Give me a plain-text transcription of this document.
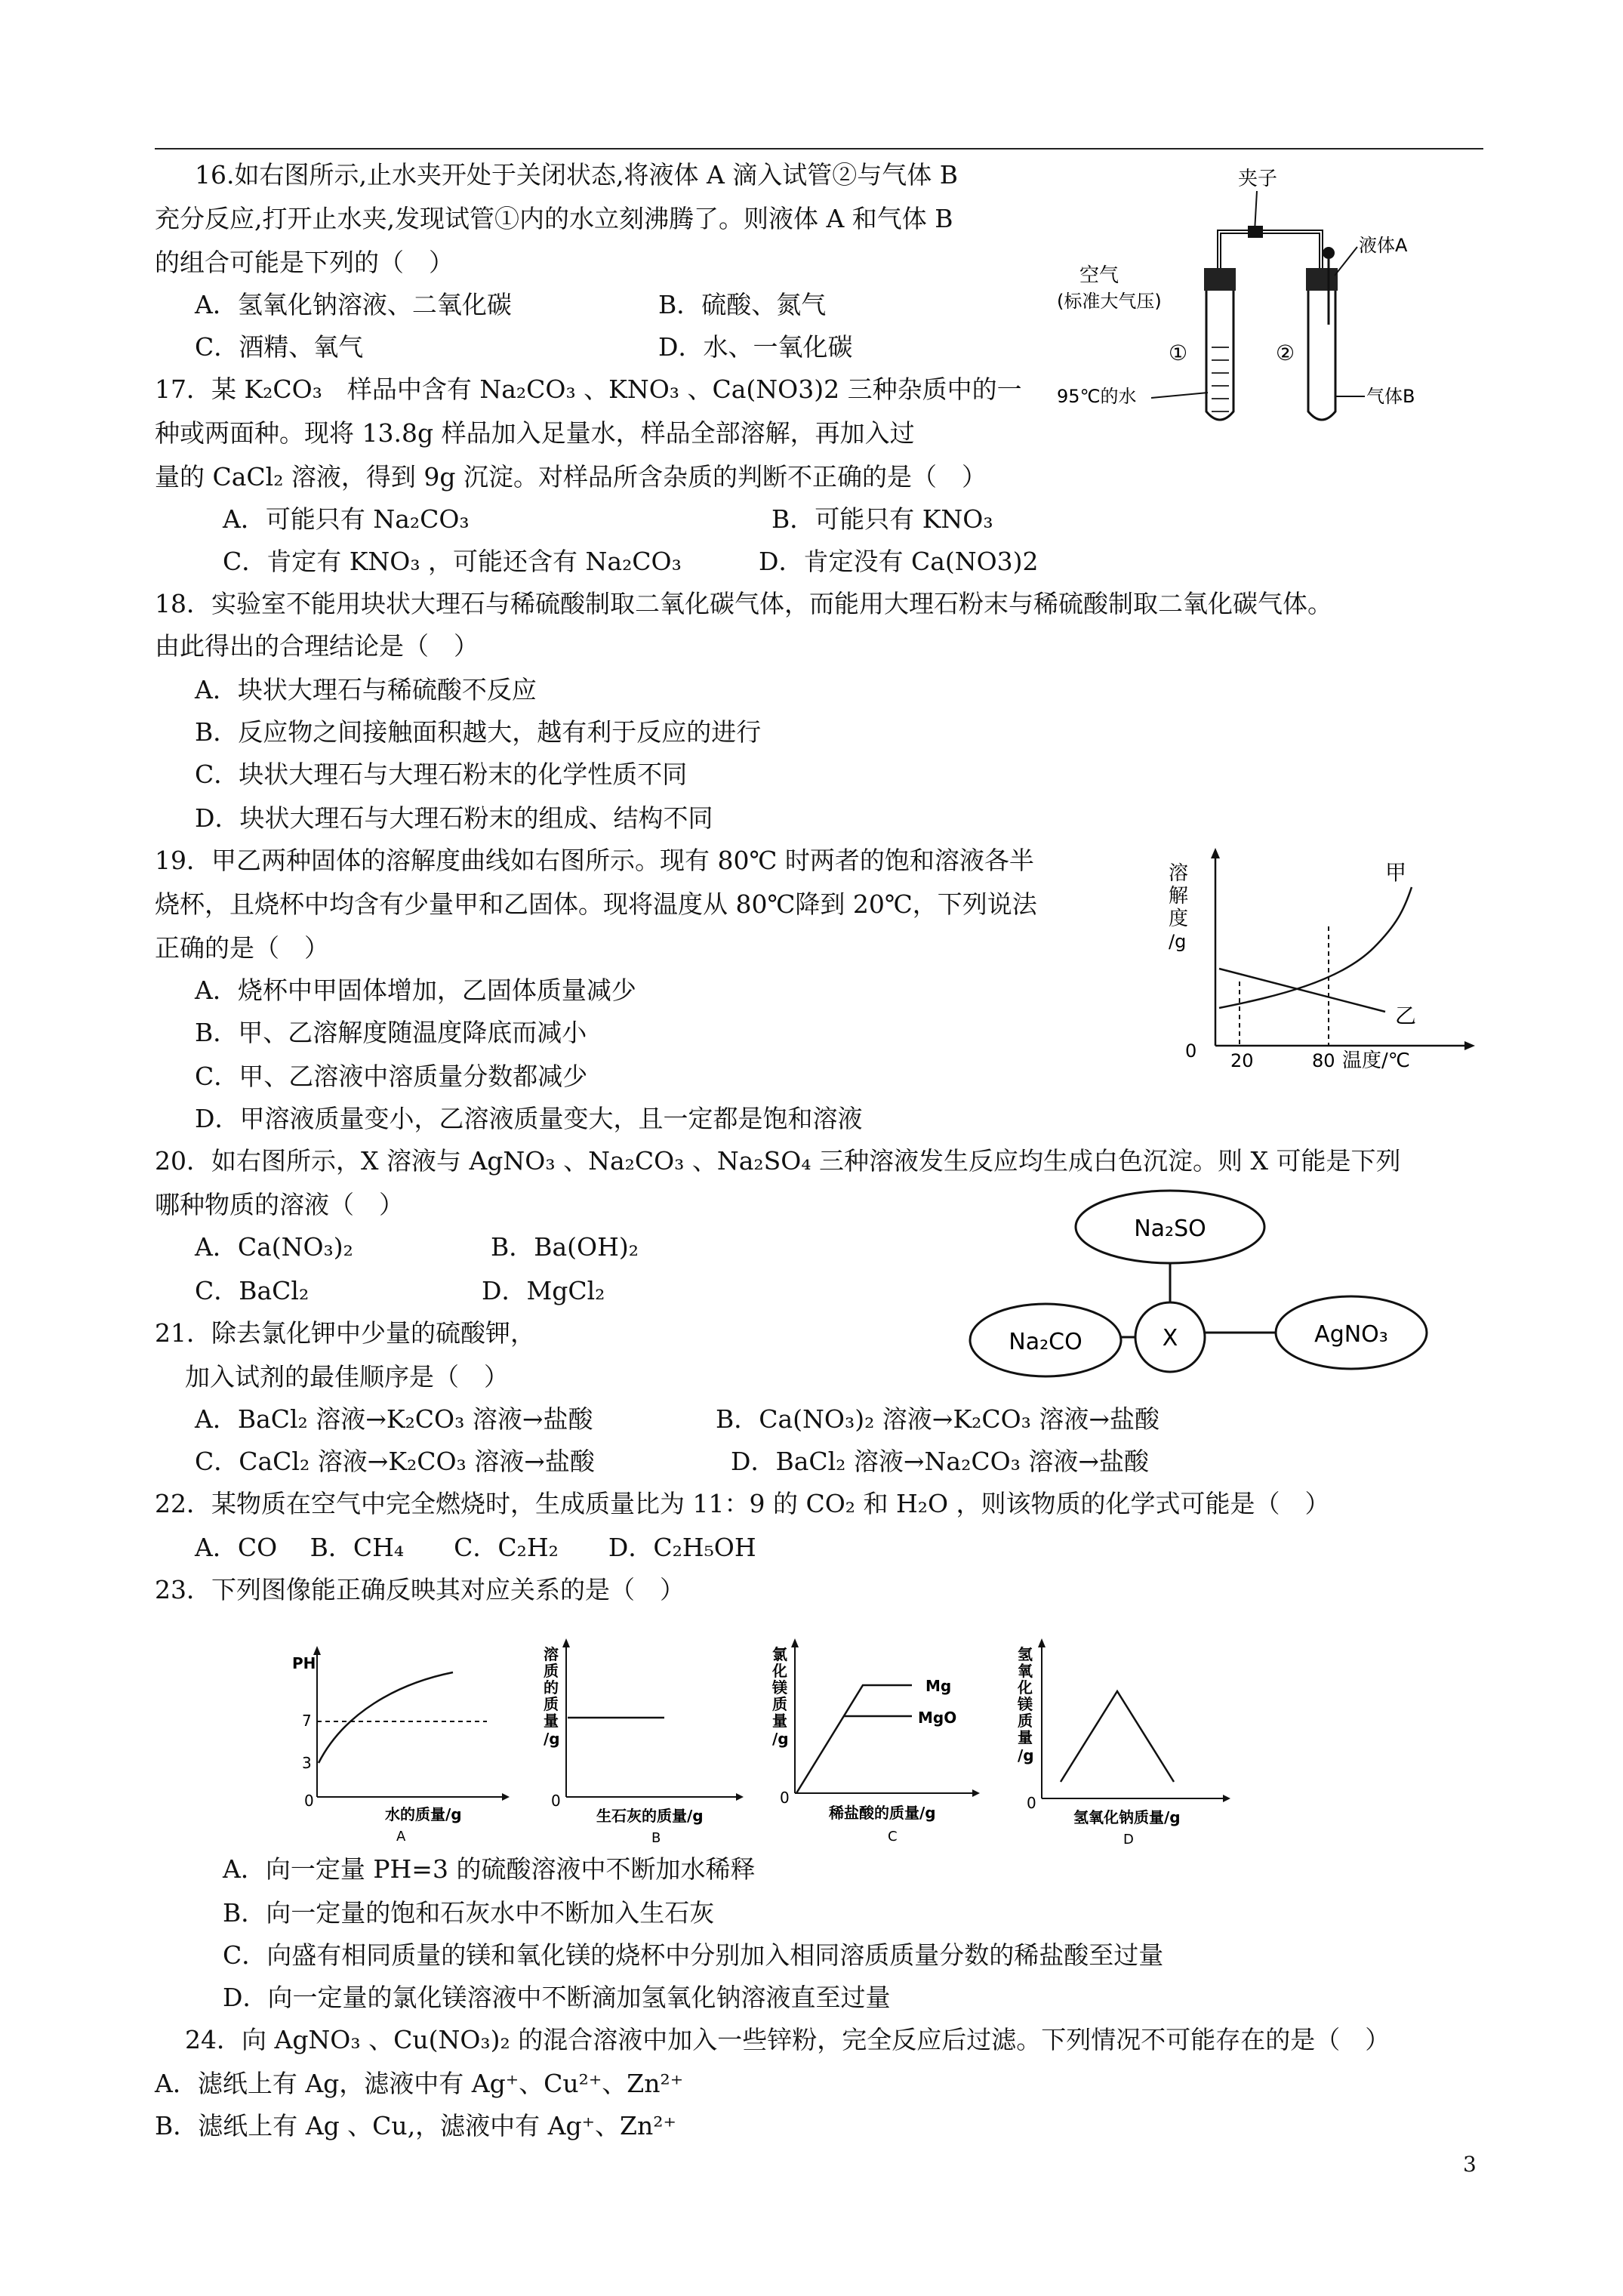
16.如右图所示,止水夹开处于关闭状态,将液体 A 滴入试管②与气体 B
充分反应,打开止水夹,发现试管①内的水立刻沸腾了。则液体 A 和气体 B
的组合可能是下列的（　）
A．氢氧化钠溶液、二氧化碳	B．硫酸、氮气
C．酒精、氧气	D．水、一氧化碳
夹子
空气
(标准大气压)
①
95℃的水
②
液体A
气体B
17．某 K₂CO₃　样品中含有 Na₂CO₃ 、KNO₃ 、Ca(NO3)2 三种杂质中的一
种或两面种。现将 13.8g 样品加入足量水，样品全部溶解，再加入过
量的 CaCl₂ 溶液，得到 9g 沉淀。对样品所含杂质的判断不正确的是（　）
A．可能只有 Na₂CO₃	B．可能只有 KNO₃
C．肯定有 KNO₃ ，可能还含有 Na₂CO₃	D．肯定没有 Ca(NO3)2
18．实验室不能用块状大理石与稀硫酸制取二氧化碳气体，而能用大理石粉末与稀硫酸制取二氧化碳气体。
由此得出的合理结论是（　）
A．块状大理石与稀硫酸不反应
B．反应物之间接触面积越大，越有利于反应的进行
C．块状大理石与大理石粉末的化学性质不同
D．块状大理石与大理石粉末的组成、结构不同
19．甲乙两种固体的溶解度曲线如右图所示。现有 80℃ 时两者的饱和溶液各半
烧杯，且烧杯中均含有少量甲和乙固体。现将温度从 80℃降到 20℃，下列说法
正确的是（　）
A．烧杯中甲固体增加，乙固体质量减少
B．甲、乙溶解度随温度降底而减小
C．甲、乙溶液中溶质量分数都减少
D．甲溶液质量变小，乙溶液质量变大，且一定都是饱和溶液
溶
解
度
/g
0 20	80 温度/℃
甲
乙
20．如右图所示，X 溶液与 AgNO₃ 、Na₂CO₃ 、Na₂SO₄ 三种溶液发生反应均生成白色沉淀。则 X 可能是下列
哪种物质的溶液（　）
A．Ca(NO₃)₂	B．Ba(OH)₂
C．BaCl₂	D．MgCl₂
Na₂SO
X
Na₂CO	AgNO₃
21．除去氯化钾中少量的硫酸钾，
加入试剂的最佳顺序是（　）
A．BaCl₂ 溶液→K₂CO₃ 溶液→盐酸	B．Ca(NO₃)₂ 溶液→K₂CO₃ 溶液→盐酸
C．CaCl₂ 溶液→K₂CO₃ 溶液→盐酸	D．BaCl₂ 溶液→Na₂CO₃ 溶液→盐酸
22．某物质在空气中完全燃烧时，生成质量比为 11：9 的 CO₂ 和 H₂O ，则该物质的化学式可能是（　）
A．CO　 B．CH₄　　C．C₂H₂　　D．C₂H₅OH
23．下列图像能正确反映其对应关系的是（　）
PH
7
3
0
水的质量/g
A
溶
质
的
质
量
/g
0
生石灰的质量/g
B
氯
化
镁
质
量
/g
0
Mg
MgO
稀盐酸的质量/g
C
氢
氧
化
镁
质
量
/g
0
氢氧化钠质量/g
D
A．向一定量 PH=3 的硫酸溶液中不断加水稀释
B．向一定量的饱和石灰水中不断加入生石灰
C．向盛有相同质量的镁和氧化镁的烧杯中分别加入相同溶质质量分数的稀盐酸至过量
D．向一定量的氯化镁溶液中不断滴加氢氧化钠溶液直至过量
24．向 AgNO₃ 、Cu(NO₃)₂ 的混合溶液中加入一些锌粉，完全反应后过滤。下列情况不可能存在的是（　）
A．滤纸上有 Ag，滤液中有 Ag⁺、Cu²⁺、Zn²⁺
B．滤纸上有 Ag 、Cu,，滤液中有 Ag⁺、Zn²⁺
3
